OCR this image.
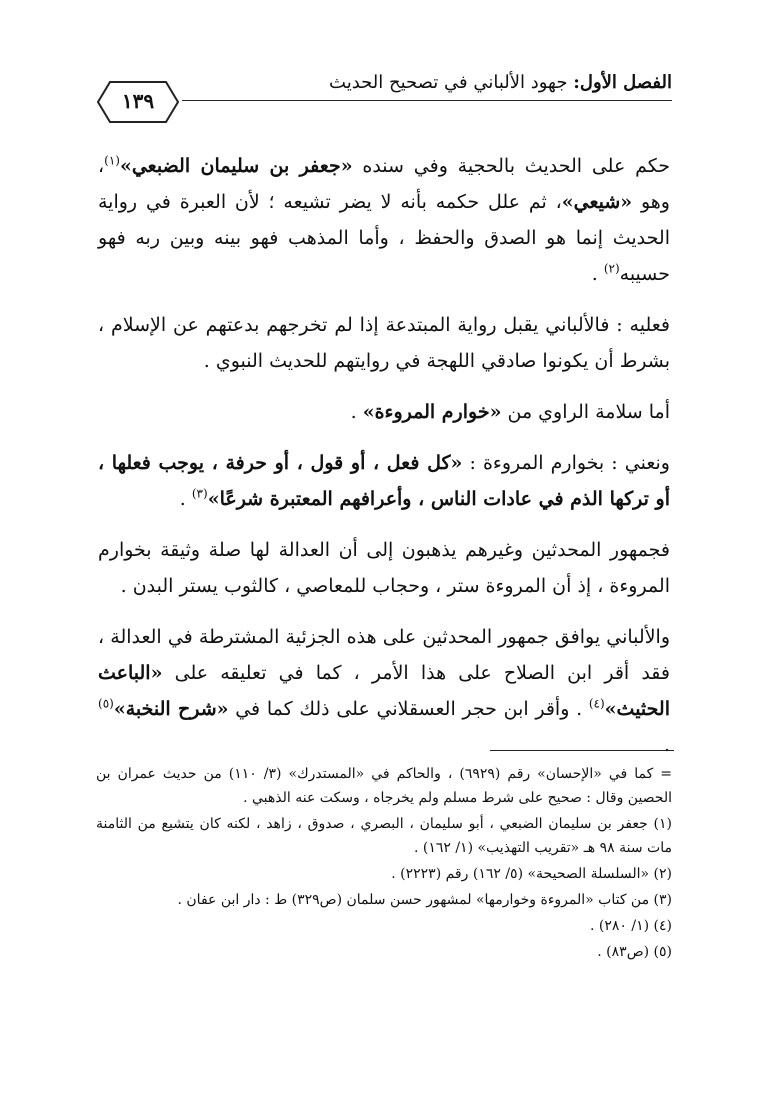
الفصل الأول: جهود الألباني في تصحيح الحديث
١٣٩

حكم على الحديث بالحجية وفي سنده «جعفر بن سليمان الضبعي»$^{(١)}$، وهو «شيعي»، ثم علل حكمه بأنه لا يضر تشيعه ؛ لأن العبرة في رواية الحديث إنما هو الصدق والحفظ ، وأما المذهب فهو بينه وبين ربه فهو حسيبه$^{(٢)}$ .

فعليه : فالألباني يقبل رواية المبتدعة إذا لم تخرجهم بدعتهم عن الإسلام ، بشرط أن يكونوا صادقي اللهجة في روايتهم للحديث النبوي .

أما سلامة الراوي من «خوارم المروءة» .

ونعني : بخوارم المروءة : «كل فعل ، أو قول ، أو حرفة ، يوجب فعلها ، أو تركها الذم في عادات الناس ، وأعرافهم المعتبرة شرعًا»$^{(٣)}$ .

فجمهور المحدثين وغيرهم يذهبون إلى أن العدالة لها صلة وثيقة بخوارم المروءة ، إذ أن المروءة ستر ، وحجاب للمعاصي ، كالثوب يستر البدن .

والألباني يوافق جمهور المحدثين على هذه الجزئية المشترطة في العدالة ، فقد أقر ابن الصلاح على هذا الأمر ، كما في تعليقه على «الباعث الحثيث»$^{(٤)}$ . وأقر ابن حجر العسقلاني على ذلك كما في «شرح النخبة»$^{(٥)}$ .

= كما في «الإحسان» رقم (٦٩٢٩) ، والحاكم في «المستدرك» (٣/ ١١٠) من حديث عمران بن الحصين وقال : صحيح على شرط مسلم ولم يخرجاه ، وسكت عنه الذهبي .
(١) جعفر بن سليمان الضبعي ، أبو سليمان ، البصري ، صدوق ، زاهد ، لكنه كان يتشيع من الثامنة مات سنة ٩٨ هـ «تقريب التهذيب» (١/ ١٦٢) .
(٢) «السلسلة الصحيحة» (٥/ ١٦٢) رقم (٢٢٢٣) .
(٣) من كتاب «المروءة وخوارمها» لمشهور حسن سلمان (ص٣٢٩) ط : دار ابن عفان .
(٤) (١/ ٢٨٠) .
(٥) (ص٨٣) .
